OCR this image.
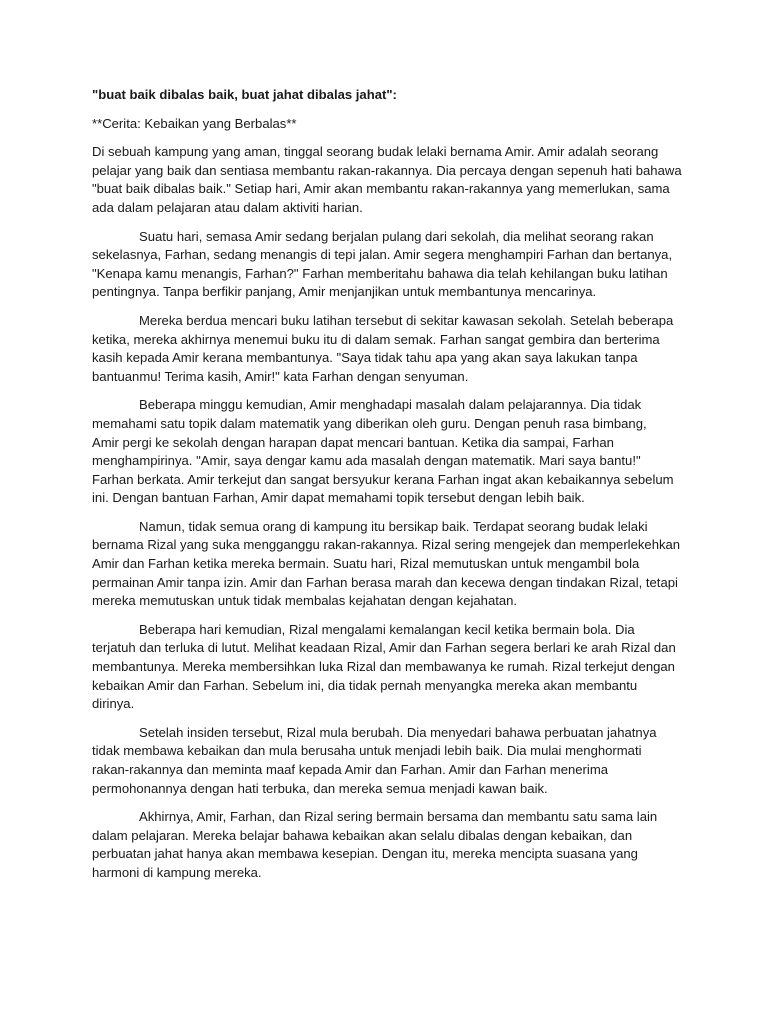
"buat baik dibalas baik, buat jahat dibalas jahat":
**Cerita: Kebaikan yang Berbalas**
Di sebuah kampung yang aman, tinggal seorang budak lelaki bernama Amir. Amir adalah seorang
pelajar yang baik dan sentiasa membantu rakan-rakannya. Dia percaya dengan sepenuh hati bahawa
"buat baik dibalas baik." Setiap hari, Amir akan membantu rakan-rakannya yang memerlukan, sama
ada dalam pelajaran atau dalam aktiviti harian.
Suatu hari, semasa Amir sedang berjalan pulang dari sekolah, dia melihat seorang rakan
sekelasnya, Farhan, sedang menangis di tepi jalan. Amir segera menghampiri Farhan dan bertanya,
"Kenapa kamu menangis, Farhan?" Farhan memberitahu bahawa dia telah kehilangan buku latihan
pentingnya. Tanpa berfikir panjang, Amir menjanjikan untuk membantunya mencarinya.
Mereka berdua mencari buku latihan tersebut di sekitar kawasan sekolah. Setelah beberapa
ketika, mereka akhirnya menemui buku itu di dalam semak. Farhan sangat gembira dan berterima
kasih kepada Amir kerana membantunya. "Saya tidak tahu apa yang akan saya lakukan tanpa
bantuanmu! Terima kasih, Amir!" kata Farhan dengan senyuman.
Beberapa minggu kemudian, Amir menghadapi masalah dalam pelajarannya. Dia tidak
memahami satu topik dalam matematik yang diberikan oleh guru. Dengan penuh rasa bimbang,
Amir pergi ke sekolah dengan harapan dapat mencari bantuan. Ketika dia sampai, Farhan
menghampirinya. "Amir, saya dengar kamu ada masalah dengan matematik. Mari saya bantu!"
Farhan berkata. Amir terkejut dan sangat bersyukur kerana Farhan ingat akan kebaikannya sebelum
ini. Dengan bantuan Farhan, Amir dapat memahami topik tersebut dengan lebih baik.
Namun, tidak semua orang di kampung itu bersikap baik. Terdapat seorang budak lelaki
bernama Rizal yang suka mengganggu rakan-rakannya. Rizal sering mengejek dan memperlekehkan
Amir dan Farhan ketika mereka bermain. Suatu hari, Rizal memutuskan untuk mengambil bola
permainan Amir tanpa izin. Amir dan Farhan berasa marah dan kecewa dengan tindakan Rizal, tetapi
mereka memutuskan untuk tidak membalas kejahatan dengan kejahatan.
Beberapa hari kemudian, Rizal mengalami kemalangan kecil ketika bermain bola. Dia
terjatuh dan terluka di lutut. Melihat keadaan Rizal, Amir dan Farhan segera berlari ke arah Rizal dan
membantunya. Mereka membersihkan luka Rizal dan membawanya ke rumah. Rizal terkejut dengan
kebaikan Amir dan Farhan. Sebelum ini, dia tidak pernah menyangka mereka akan membantu
dirinya.
Setelah insiden tersebut, Rizal mula berubah. Dia menyedari bahawa perbuatan jahatnya
tidak membawa kebaikan dan mula berusaha untuk menjadi lebih baik. Dia mulai menghormati
rakan-rakannya dan meminta maaf kepada Amir dan Farhan. Amir dan Farhan menerima
permohonannya dengan hati terbuka, dan mereka semua menjadi kawan baik.
Akhirnya, Amir, Farhan, dan Rizal sering bermain bersama dan membantu satu sama lain
dalam pelajaran. Mereka belajar bahawa kebaikan akan selalu dibalas dengan kebaikan, dan
perbuatan jahat hanya akan membawa kesepian. Dengan itu, mereka mencipta suasana yang
harmoni di kampung mereka.
